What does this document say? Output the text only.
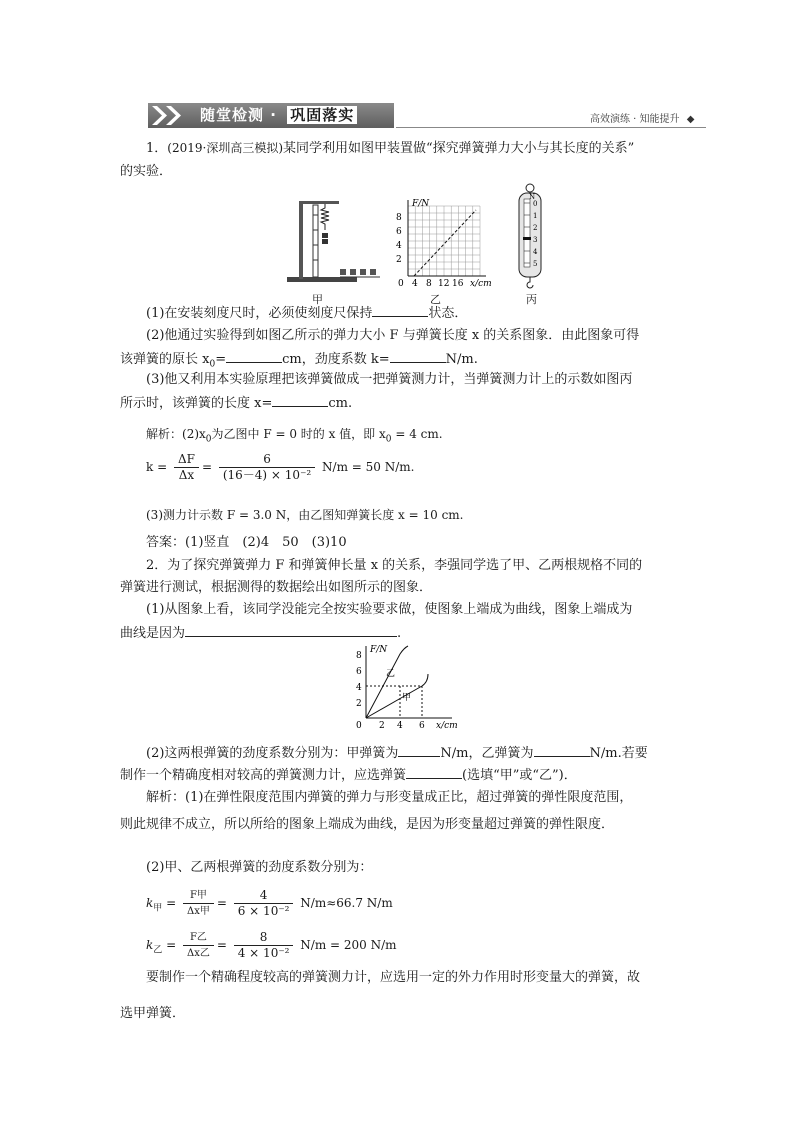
随堂检测 · 巩固落实	高效演练 · 知能提升 ◆
1．(2019·深圳高三模拟)某同学利用如图甲装置做“探究弹簧弹力大小与其长度的关系”
的实验．
甲
F/N
x/cm
0
8
6
4
2
4 8 12 16
乙
N
0
1
2
3
4
5
丙
(1)在安装刻度尺时，必须使刻度尺保持	状态．
(2)他通过实验得到如图乙所示的弹力大小 F 与弹簧长度 x 的关系图象．由此图象可得
该弹簧的原长 $x_0=$	cm，劲度系数 k=	N/m.
(3)他又利用本实验原理把该弹簧做成一把弹簧测力计，当弹簧测力计上的示数如图丙
所示时，该弹簧的长度 x=	cm.
解析：$(2)x_0$为乙图中 F = 0 时的 x 值，即 $x_0 = 4$ cm.
$k = \frac{\Delta F}{\Delta x} = \frac{6}{\text{(16－4) × 10⁻²}} N/m = 50$ N/m.
(3)测力计示数 F = 3.0 N，由乙图知弹簧长度 x = 10 cm.
答案：(1)竖直　(2)4　50　(3)10
2．为了探究弹簧弹力 F 和弹簧伸长量 x 的关系，李强同学选了甲、乙两根规格不同的
弹簧进行测试，根据测得的数据绘出如图所示的图象．
(1)从图象上看，该同学没能完全按实验要求做，使图象上端成为曲线，图象上端成为
曲线是因为	.
F/N
x/cm
0
8
6
4
2
2 4 6
乙
甲
(2)这两根弹簧的劲度系数分别为：甲弹簧为	N/m，乙弹簧为	N/m.若要
制作一个精确度相对较高的弹簧测力计，应选弹簧	(选填“甲”或“乙”)．
解析：(1)在弹性限度范围内弹簧的弹力与形变量成正比，超过弹簧的弹性限度范围，
则此规律不成立，所以所给的图象上端成为曲线，是因为形变量超过弹簧的弹性限度．
(2)甲、乙两根弹簧的劲度系数分别为：
$k_甲 = \frac{\text{F甲}}{\text{Δx甲}} = \frac{4}{\text{6 × 10⁻²}} N/m\approx 66.7$ N/m
$k_乙 = \frac{\text{F乙}}{\text{Δx乙}} = \frac{8}{\text{4 × 10⁻²}} N/m = 200$ N/m
要制作一个精确程度较高的弹簧测力计，应选用一定的外力作用时形变量大的弹簧，故
选甲弹簧．
